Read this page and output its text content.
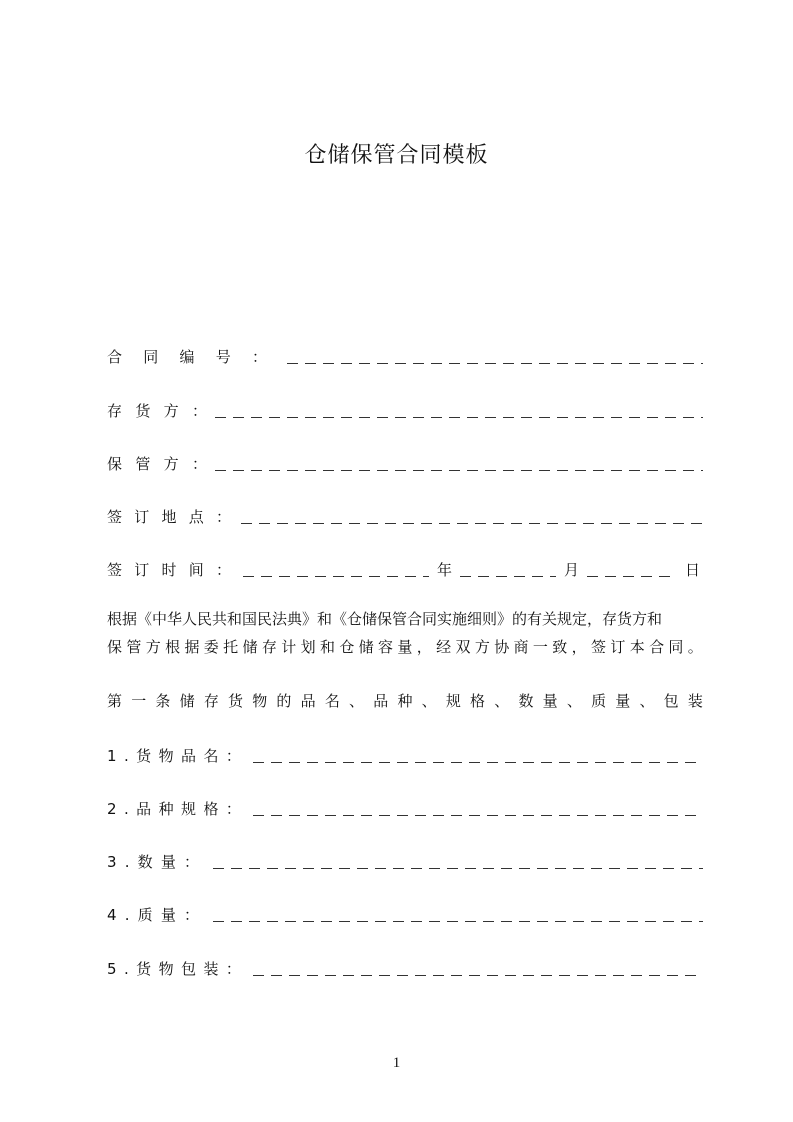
仓储保管合同模板
合 同 编 号 ：
存 货 方 ：
保 管 方 ：
签 订 地 点 ：
签 订 时 间 ：	年	月	日
根据《中华人民共和国民法典》和《仓储保管合同实施细则》的有关规定，存货方和
保 管 方 根 据 委 托 储 存 计 划 和 仓 储 容 量 ， 经 双 方 协 商 一 致 ， 签 订 本 合 同 。
第 一 条 储 存 货 物 的 品 名 、 品 种 、 规 格 、 数 量 、 质 量 、 包 装
1 . 货 物 品 名 ：
2 . 品 种 规 格 ：
3 . 数 量 ：
4 . 质 量 ：
5 . 货 物 包 装 ：
1
